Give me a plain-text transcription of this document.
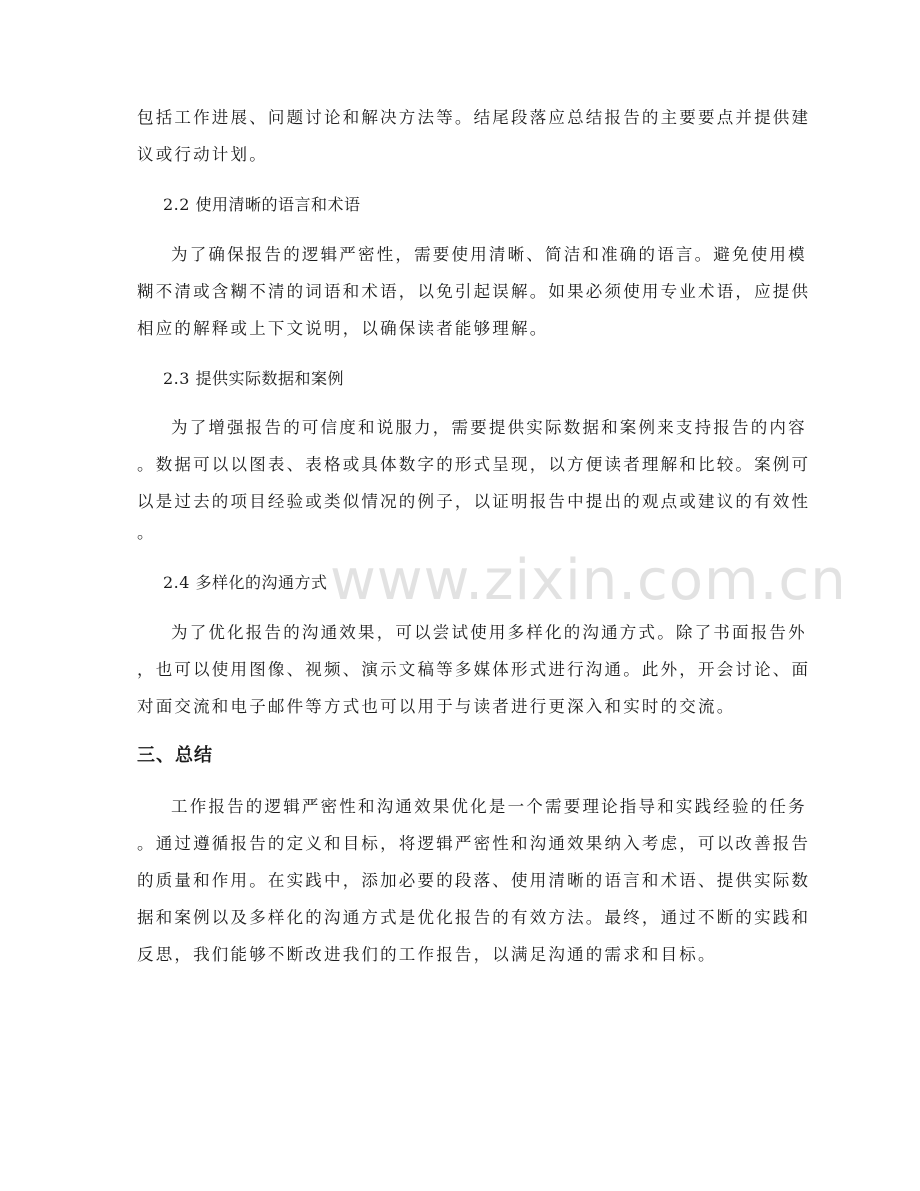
www.zixin.com.cn
包括工作进展、问题讨论和解决方法等。结尾段落应总结报告的主要要点并提供建
议或行动计划。
2.2 使用清晰的语言和术语
为了确保报告的逻辑严密性，需要使用清晰、简洁和准确的语言。避免使用模
糊不清或含糊不清的词语和术语，以免引起误解。如果必须使用专业术语，应提供
相应的解释或上下文说明，以确保读者能够理解。
2.3 提供实际数据和案例
为了增强报告的可信度和说服力，需要提供实际数据和案例来支持报告的内容
。数据可以以图表、表格或具体数字的形式呈现，以方便读者理解和比较。案例可
以是过去的项目经验或类似情况的例子，以证明报告中提出的观点或建议的有效性
。
2.4 多样化的沟通方式
为了优化报告的沟通效果，可以尝试使用多样化的沟通方式。除了书面报告外
，也可以使用图像、视频、演示文稿等多媒体形式进行沟通。此外，开会讨论、面
对面交流和电子邮件等方式也可以用于与读者进行更深入和实时的交流。
三、总结
工作报告的逻辑严密性和沟通效果优化是一个需要理论指导和实践经验的任务
。通过遵循报告的定义和目标，将逻辑严密性和沟通效果纳入考虑，可以改善报告
的质量和作用。在实践中，添加必要的段落、使用清晰的语言和术语、提供实际数
据和案例以及多样化的沟通方式是优化报告的有效方法。最终，通过不断的实践和
反思，我们能够不断改进我们的工作报告，以满足沟通的需求和目标。
